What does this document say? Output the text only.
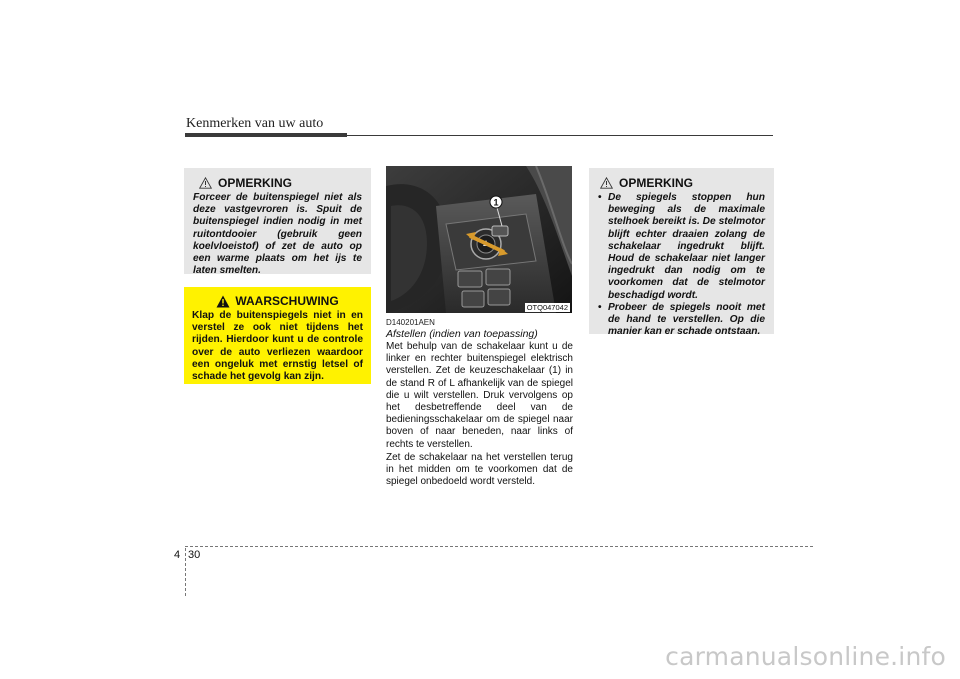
Kenmerken van uw auto
OPMERKING
Forceer de buitenspiegel niet als deze vastgevroren is. Spuit de buitenspiegel indien nodig in met ruitontdooier (gebruik geen koelvloeistof) of zet de auto op een warme plaats om het ijs te laten smelten.
WAARSCHUWING
Klap de buitenspiegels niet in en verstel ze ook niet tijdens het rijden. Hierdoor kunt u de controle over de auto verliezen waardoor een ongeluk met ernstig letsel of schade het gevolg kan zijn.
1
OTQ047042
D140201AEN
Afstellen (indien van toepassing)

Met behulp van de schakelaar kunt u de linker en rechter buitenspiegel elektrisch verstellen. Zet de keuzeschakelaar (1) in de stand R of L afhankelijk van de spiegel die u wilt verstellen. Druk vervolgens op het desbetreffende deel van de bedieningsschakelaar om de spiegel naar boven of naar beneden, naar links of rechts te verstellen.

Zet de schakelaar na het verstellen terug in het midden om te voorkomen dat de spiegel onbedoeld wordt versteld.

OPMERKING
• De spiegels stoppen hun beweging als de maximale stelhoek bereikt is. De stelmotor blijft echter draaien zolang de schakelaar ingedrukt blijft. Houd de schakelaar niet langer ingedrukt dan nodig om te voorkomen dat de stelmotor beschadigd wordt.
• Probeer de spiegels nooit met de hand te verstellen. Op die manier kan er schade ontstaan.
4 30
carmanualsonline.info
